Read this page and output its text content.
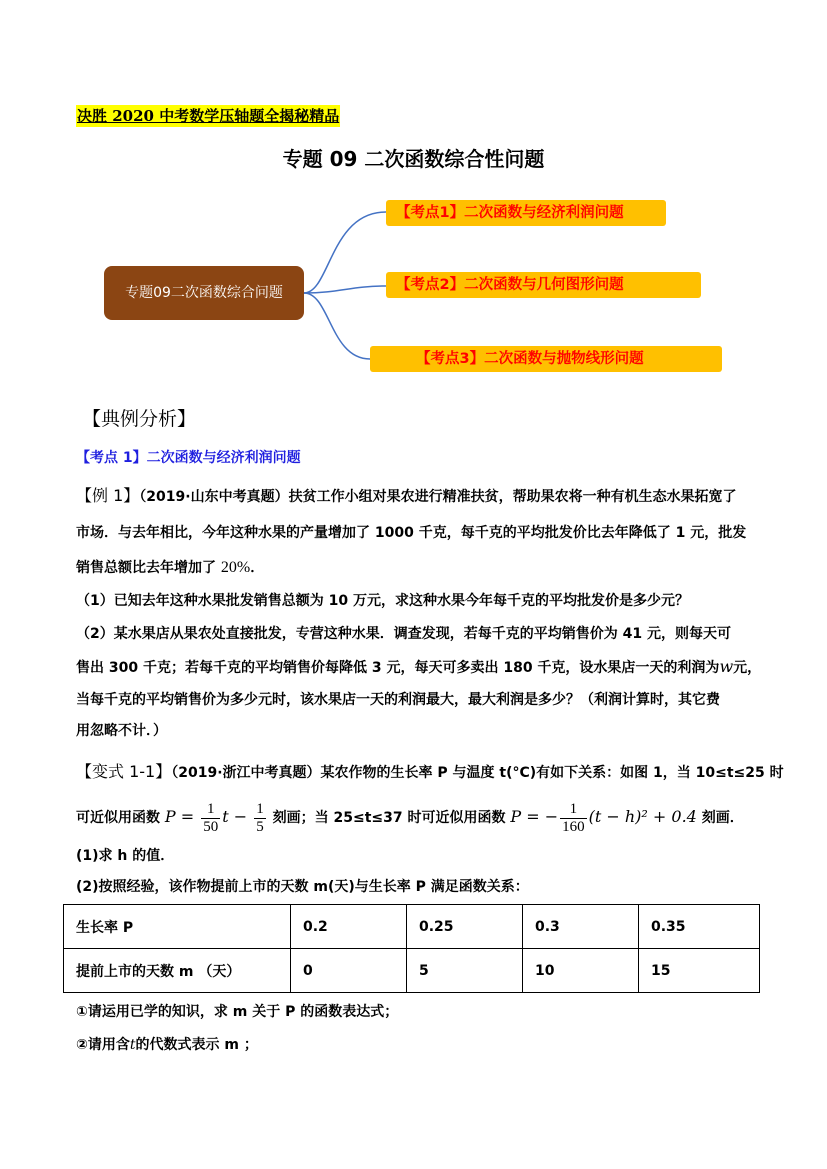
决胜 2020 中考数学压轴题全揭秘精品
专题 09 二次函数综合性问题
专题09二次函数综合问题
【考点1】二次函数与经济利润问题
【考点2】二次函数与几何图形问题
【考点3】二次函数与抛物线形问题
【典例分析】
【考点 1】二次函数与经济利润问题
【例 1】（2019·山东中考真题）扶贫工作小组对果农进行精准扶贫，帮助果农将一种有机生态水果拓宽了
市场．与去年相比，今年这种水果的产量增加了 1000 千克，每千克的平均批发价比去年降低了 1 元，批发
销售总额比去年增加了 20%．
（1）已知去年这种水果批发销售总额为 10 万元，求这种水果今年每千克的平均批发价是多少元？
（2）某水果店从果农处直接批发，专营这种水果．调查发现，若每千克的平均销售价为 41 元，则每天可
售出 300 千克；若每千克的平均销售价每降低 3 元，每天可多卖出 180 千克，设水果店一天的利润为w元，
当每千克的平均销售价为多少元时，该水果店一天的利润最大，最大利润是多少？（利润计算时，其它费
用忽略不计．）
【变式 1-1】（2019·浙江中考真题）某农作物的生长率 P 与温度 t(°C)有如下关系：如图 1，当 10≤t≤25 时
可近似用函数 $P = \frac{1}{50}$ $t - \frac{1}{5}$ 刻画；当 25≤t≤37 时可近似用函数 P = − $\frac{1}{160} (t - h)^2 + 0.4$ 刻画．
(1)求 h 的值．
(2)按照经验，该作物提前上市的天数 m(天)与生长率 P 满足函数关系：
生长率 P	0.2	0.25	0.3	0.35
提前上市的天数 m （天）	0	5	10	15
①请运用已学的知识，求 m 关于 P 的函数表达式；
②请用含t的代数式表示 m ；
